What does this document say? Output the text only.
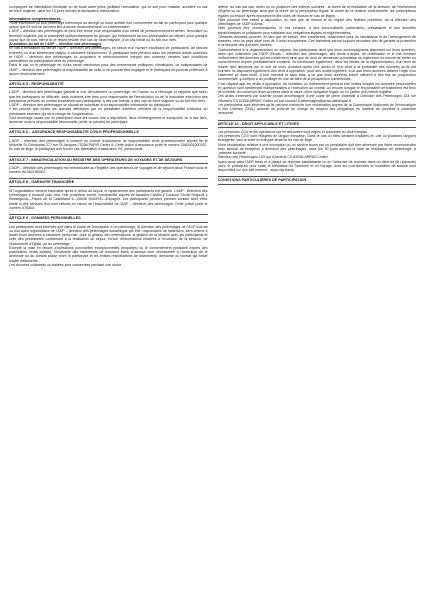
compagnée de l'attestation médicale ou de toute autre pièce justifiant l'annulation, qui ce soit pour maladie, accident ou cas de force majeure, dans les 10 jours suivant la déclaration d'annulation.

Informations complémentaires

Toute inscription ou tout pèlerinage interrompu ou abrégé ou toute activité non consommée du fait du participant pour quelque raison que ce soit ne donnera lieu à aucun remboursement ou indemnisation.

L'ADP – direction des pèlerinages ne peut être tenue pour responsable d'un retard de préacheminement aérien, ferroviaire ou terrestre organisé par le participant indépendamment du groupe, qui entraînerait sa non-présentation au départ, pour quelque cause que ce soit, même si ce retard résulte d'un cas de force majeure, d'un cas fortuit ou du fait d'un tiers.

Annulation du fait de l'ADP – direction des pèlerinages

En cas d'annulation du fait de l'ADP – direction des pèlerinages, en raison d'un nombre insuffisant de participants, de raisons externes ou d'un événement majeur à caractère exceptionnel, le participant sera prévenu dans les meilleurs délais possibles et l'ADP – direction des pèlerinages lui proposera le remboursement intégral des sommes versées sauf conditions particulières de participation liées au pèlerinage.

Dans le cas où le pèlerinage en cours serait interrompu pour des événements politiques, climatiques, ou indépendants de l'ADP – direction des pèlerinages la responsabilité de celle-ci ne pourrait être engagée et le participant ne pourrait prétendre à aucun remboursement.

ARTICLE 5 - RESPONSABILITÉ

L'ADP - direction des pèlerinages garantit le bon déroulement du pèlerinage, en France ou à l'étranger et rappelle que selon que les participants en difficulté, sans toutefois être tenu pour responsable de l'inexécution ou de la mauvaise exécution des prestations prévues au contrat imputables aux participants, à des cas fortuits, à des cas de force majeure ou du fait d'un tiers.

L'ADP – direction des pèlerinages se saurait se substituer à la responsabilité individuelle du participant.

Il est précisé que toutes les activités défrayées par un prestataire extérieur relèvent de la responsabilité exclusive du prestataire extérieur qui en a charge de l'organisation.

Tout dommage causé par un participant dans les locaux mis à disposition, lieux d'hébergement et transports, ou à des tiers, demeure sous la responsabilité personnelle (civile ou pénale) du participant.

ARTICLE 6 – ASSURANCE RESPONSABILITÉ CIVILE PROFESSIONNELLE

L'ADP – direction des pèlerinages a souscrit un contrat d'assurance de responsabilité civile professionnelle auprès de la Mutuelle St Christophe-277 rue St Jacques-75256 PARIS Cedex 5. Cette police d'assurance porte le numéro 2082001000287.

En cas de litige, le participant doit fournir une attestation d'assurance RC personnelle.

ARTICLE 7 : IMMATRICULATION AU REGISTRE DES OPÉRATEURS DE VOYAGES ET DE SÉJOURS

L'ADP – direction des pèlerinages est immatriculée au Registre des opérateurs de voyages et de séjours Atout France sous le numéro IM 062190003.

ARTICLE 8 - GARANTIE FINANCIÈRE

Si l'organisateur devient insolvable après le début du séjour, le rapatriement des participants est garanti. L'ADP - Direction des pèlerinages a souscrit pour cela, une protection contre l'insolvabilité auprès de Atradius Crédito y Caución SA de Seguros y Reaseguros—Paseo de la Castellana 4—28046 MADRID—Espagne. Les participants peuvent prendre contact avec cette entité si des services leur sont refusés en raison de l'insolvabilité de l'ADP – direction des pèlerinages. Cette police porte le numéro 578340.

ARTICLE 9 - DONNÉES PERSONNELLES

Les participants sont informés que dans le cadre de l'inscription à un pèlerinage, la direction des pèlerinages de l'ADP d'Arras ou tout autre organisateur de l'ADP – direction des pèlerinages subdélégué par elle, responsable de traitement, sera amené à traiter leurs données à caractère personnel, pour la gestion des réservations, la gestion de la relation avec les participants et celle des prestataires contribuant à la réalisation du séjour, l'envoi d'informations relatives à l'évolution de la session, de l'événement d'Eglise, ou du pèlerinage.

Excepté la mise en œuvre d'opérations ponctuelles exceptionnelles (enquêtes) où le consentement préalable exprès des participants serait sollicité, l'ensemble des traitements de données listés ci-dessus sont nécessaires à l'exécution de la demande ou du contrat passé entre le participant et les entités responsables de traitements, demande ou contrat qui fonde lesdits traitements.

Les données collectées ou traitées sont conservées pendant une durée

définie, au cas par cas, selon un ou plusieurs des critères suivants : la durée de la réalisation de la session, de l'événement d'Eglise ou du pèlerinage ainsi que la durée de la prescription légale, la durée de la relation contractuelle, les prescriptions légales ou encore après épuisement des voies de recours en cas de litiges.

Elles pourront être mises à disposition, en tant que de besoin et au regard des finalités précitées, de la direction des pèlerinages de l'ADP d'Arras.

Elles pourront être communiquées, le cas échéant, à des sous-traitants, partenaires, prestataires et aux autorités administratives et judiciaires pour satisfaire aux obligations légales et réglementaires.

Certaines données peuvent, en tant que de besoin, être transférées, notamment pour de l'assistance et de l'hébergement de données, vers un pays situé hors de l'Union européenne. Ces transferts seront toujours encadrés afin de garantir la protection et la sécurité des données traitées.

Conformément à la réglementation en vigueur, les participants ainsi que leurs accompagnants disposent sur leurs données, telles que collectées par l'ADP d'Arras – direction des pèlerinages, des droits d'accès, de rectification et le cas échéant d'effacement des données qui les concernent ainsi que du droit de demander la limitation du traitement ou encore de retirer un consentement exprès préalablement consenti. Ils bénéficient également, dans les limites de la réglementation, d'un droit de donner des directives sur le sort de leurs données après leur décès et d'un droit à la portabilité des données qu'ils ont fournies. Ils disposent également d'un droit d'opposition, pour des motifs légitimes, à ce que leurs données fassent l'objet d'un traitement et, sans motif, à tout moment et sans frais, à ce que leurs données soient utilisées à des fins de prospection commerciale, y compris à du profilage en vue de faire de la prospection commerciale.

Il est rappelé que les droits d'opposition, de limitation ou d'effacement peuvent être limités lorsque les données personnelles en question sont strictement indispensables à l'exécution du contrat, ou encore lorsque le responsable de traitement est tenu de collecter ou conserver leurs données dans le cadre d'une obligation légale ou s'il justifie d'un intérêt légitime.

Ces droits s'exercent par courrier postal accompagné d'une copie de pièce d'identité à Direction des Pèlerinages 103 rue d'Amiens CS 62008 ARRAS Cedex ou par courriel à pelerinages@arras.catholique.fr

Les participants sont informés qu'ils peuvent introduire une réclamation auprès de la Commission Nationale de l'Informatique et des Libertés (CNIL) autorité de contrôle en charge du respect des obligations en matière de données à caractère personnel.

ARTICLE 10 - DROIT APPLICABLE ET LITIGES

Les présentes CGV et les opérations qui en découlent sont régies et soumises au droit français.

Les présentes CGV sont rédigées en langue française. Dans le cas où elles seraient traduites en une ou plusieurs langues étrangères, seul le texte en français ferait foi en cas de litige.

Toute réclamation relative à une inscription ou un service fourni par un prestataire doit être adressée par lettre recommandée avec accusé de réception à direction des pèlerinages, dans les 30 jours suivant la date de réalisation du pèlerinage, à l'adresse suivante :

Direction des Pèlerinages 103 rue d'Amiens CS 62008-ARRAS Cedex.

Après avoir saisi l'ADP Arras et à défaut de réponse satisfaisante ou en l'absence de réponse dans un délai de 60 (soixante) jours, le participant pour saisir le Médiateur du Tourisme et du Voyage, dont les coordonnées et modalités de saisine sont disponibles sur son site internet : www.mtv.travel.

CONDITIONS PARTICULIÈRES DE PARTICIPATION
